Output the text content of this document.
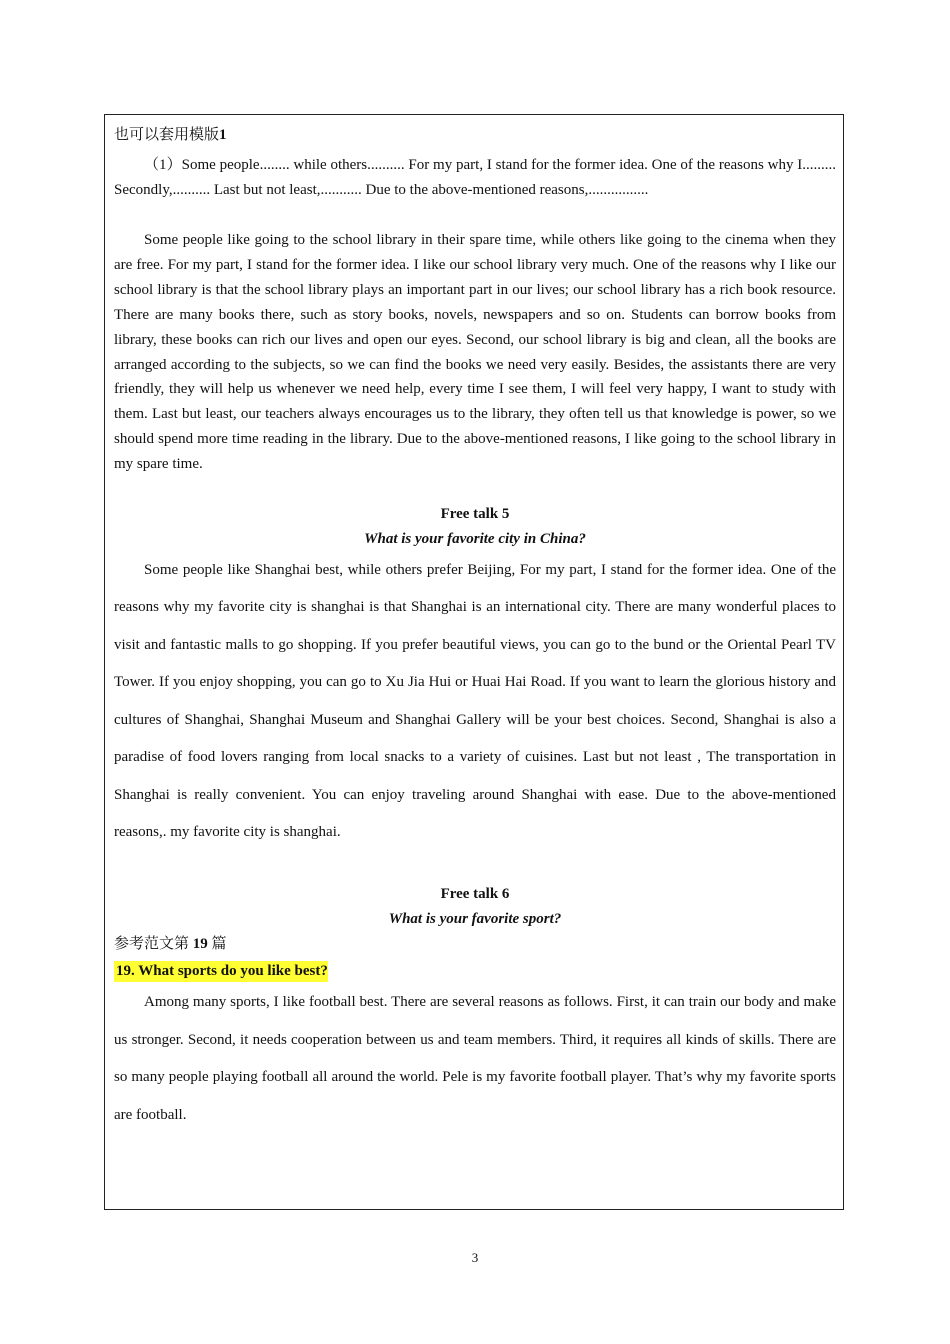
也可以套用模版1

（1）Some people........ while others.......... For my part, I stand for the former idea. One of the reasons why I......... Secondly,.......... Last but not least,........... Due to the above-mentioned reasons,................

Some people like going to the school library in their spare time, while others like going to the cinema when they are free. For my part, I stand for the former idea. I like our school library very much. One of the reasons why I like our school library is that the school library plays an important part in our lives; our school library has a rich book resource. There are many books there, such as story books, novels, newspapers and so on. Students can borrow books from library, these books can rich our lives and open our eyes. Second, our school library is big and clean, all the books are arranged according to the subjects, so we can find the books we need very easily. Besides, the assistants there are very friendly, they will help us whenever we need help, every time I see them, I will feel very happy, I want to study with them. Last but least, our teachers always encourages us to the library, they often tell us that knowledge is power, so we should spend more time reading in the library. Due to the above-mentioned reasons, I like going to the school library in my spare time.

Free talk 5

What is your favorite city in China?

Some people like Shanghai best, while others prefer Beijing, For my part, I stand for the former idea. One of the reasons why my favorite city is shanghai is that Shanghai is an international city. There are many wonderful places to visit and fantastic malls to go shopping. If you prefer beautiful views, you can go to the bund or the Oriental Pearl TV Tower. If you enjoy shopping, you can go to Xu Jia Hui or Huai Hai Road. If you want to learn the glorious history and cultures of Shanghai, Shanghai Museum and Shanghai Gallery will be your best choices. Second, Shanghai is also a paradise of food lovers ranging from local snacks to a variety of cuisines. Last but not least , The transportation in Shanghai is really convenient. You can enjoy traveling around Shanghai with ease. Due to the above-mentioned reasons,. my favorite city is shanghai.

Free talk 6

What is your favorite sport?

参考范文第 19 篇

19. What sports do you like best?

Among many sports, I like football best. There are several reasons as follows. First, it can train our body and make us stronger. Second, it needs cooperation between us and team members. Third, it requires all kinds of skills. There are so many people playing football all around the world. Pele is my favorite football player. That’s why my favorite sports are football.

3
